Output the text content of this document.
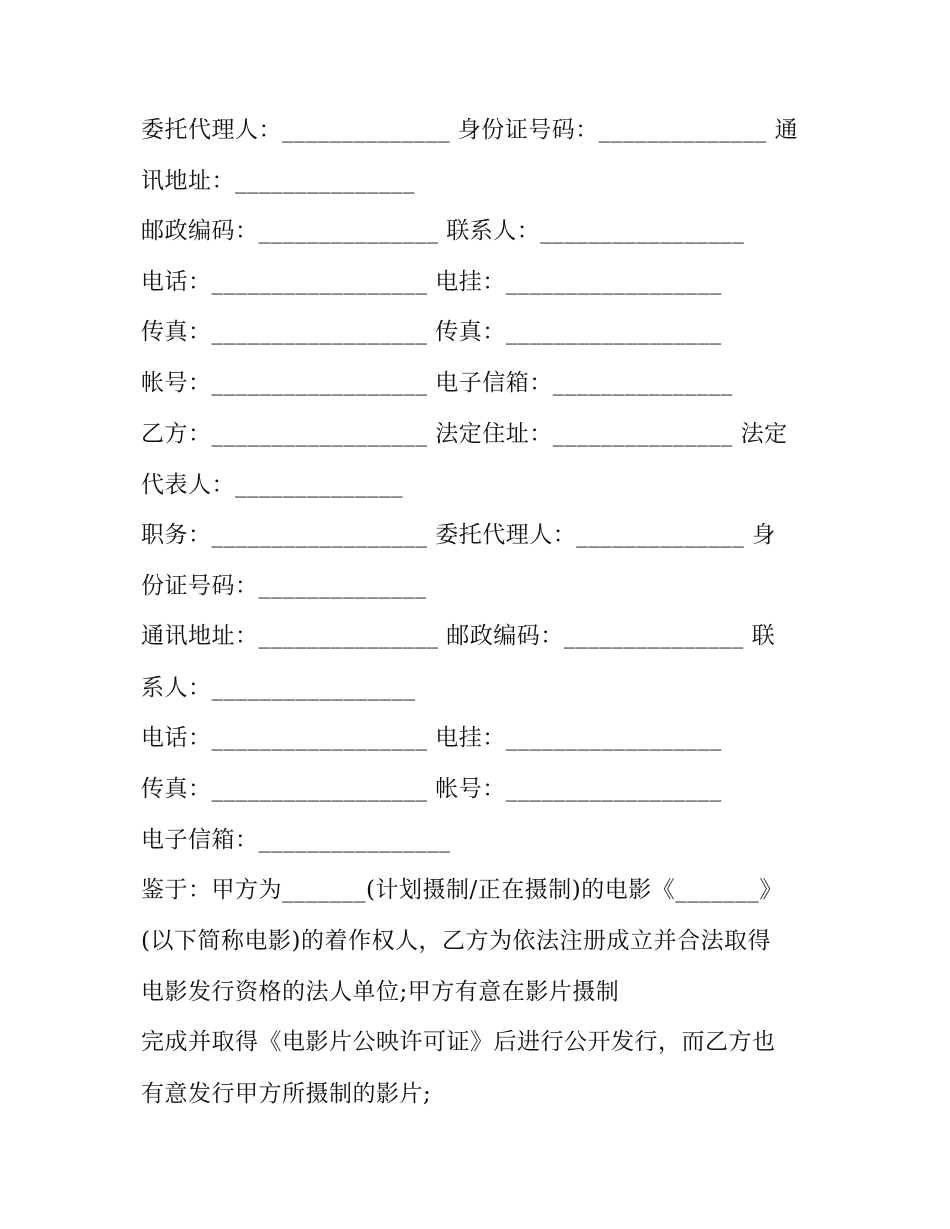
委托代理人：______________ 身份证号码：______________ 通
讯地址：_______________
邮政编码：_______________ 联系人：_________________
电话：__________________ 电挂：__________________
传真：__________________ 传真：__________________
帐号：__________________ 电子信箱：_______________
乙方：__________________ 法定住址：_______________ 法定
代表人：______________
职务：__________________ 委托代理人：______________ 身
份证号码：______________
通讯地址：_______________ 邮政编码：_______________ 联
系人：_________________
电话：__________________ 电挂：__________________
传真：__________________ 帐号：__________________
电子信箱：________________
鉴于：甲方为_______(计划摄制/正在摄制)的电影《_______》
(以下简称电影)的着作权人，乙方为依法注册成立并合法取得
电影发行资格的法人单位;甲方有意在影片摄制
完成并取得《电影片公映许可证》后进行公开发行，而乙方也
有意发行甲方所摄制的影片;
